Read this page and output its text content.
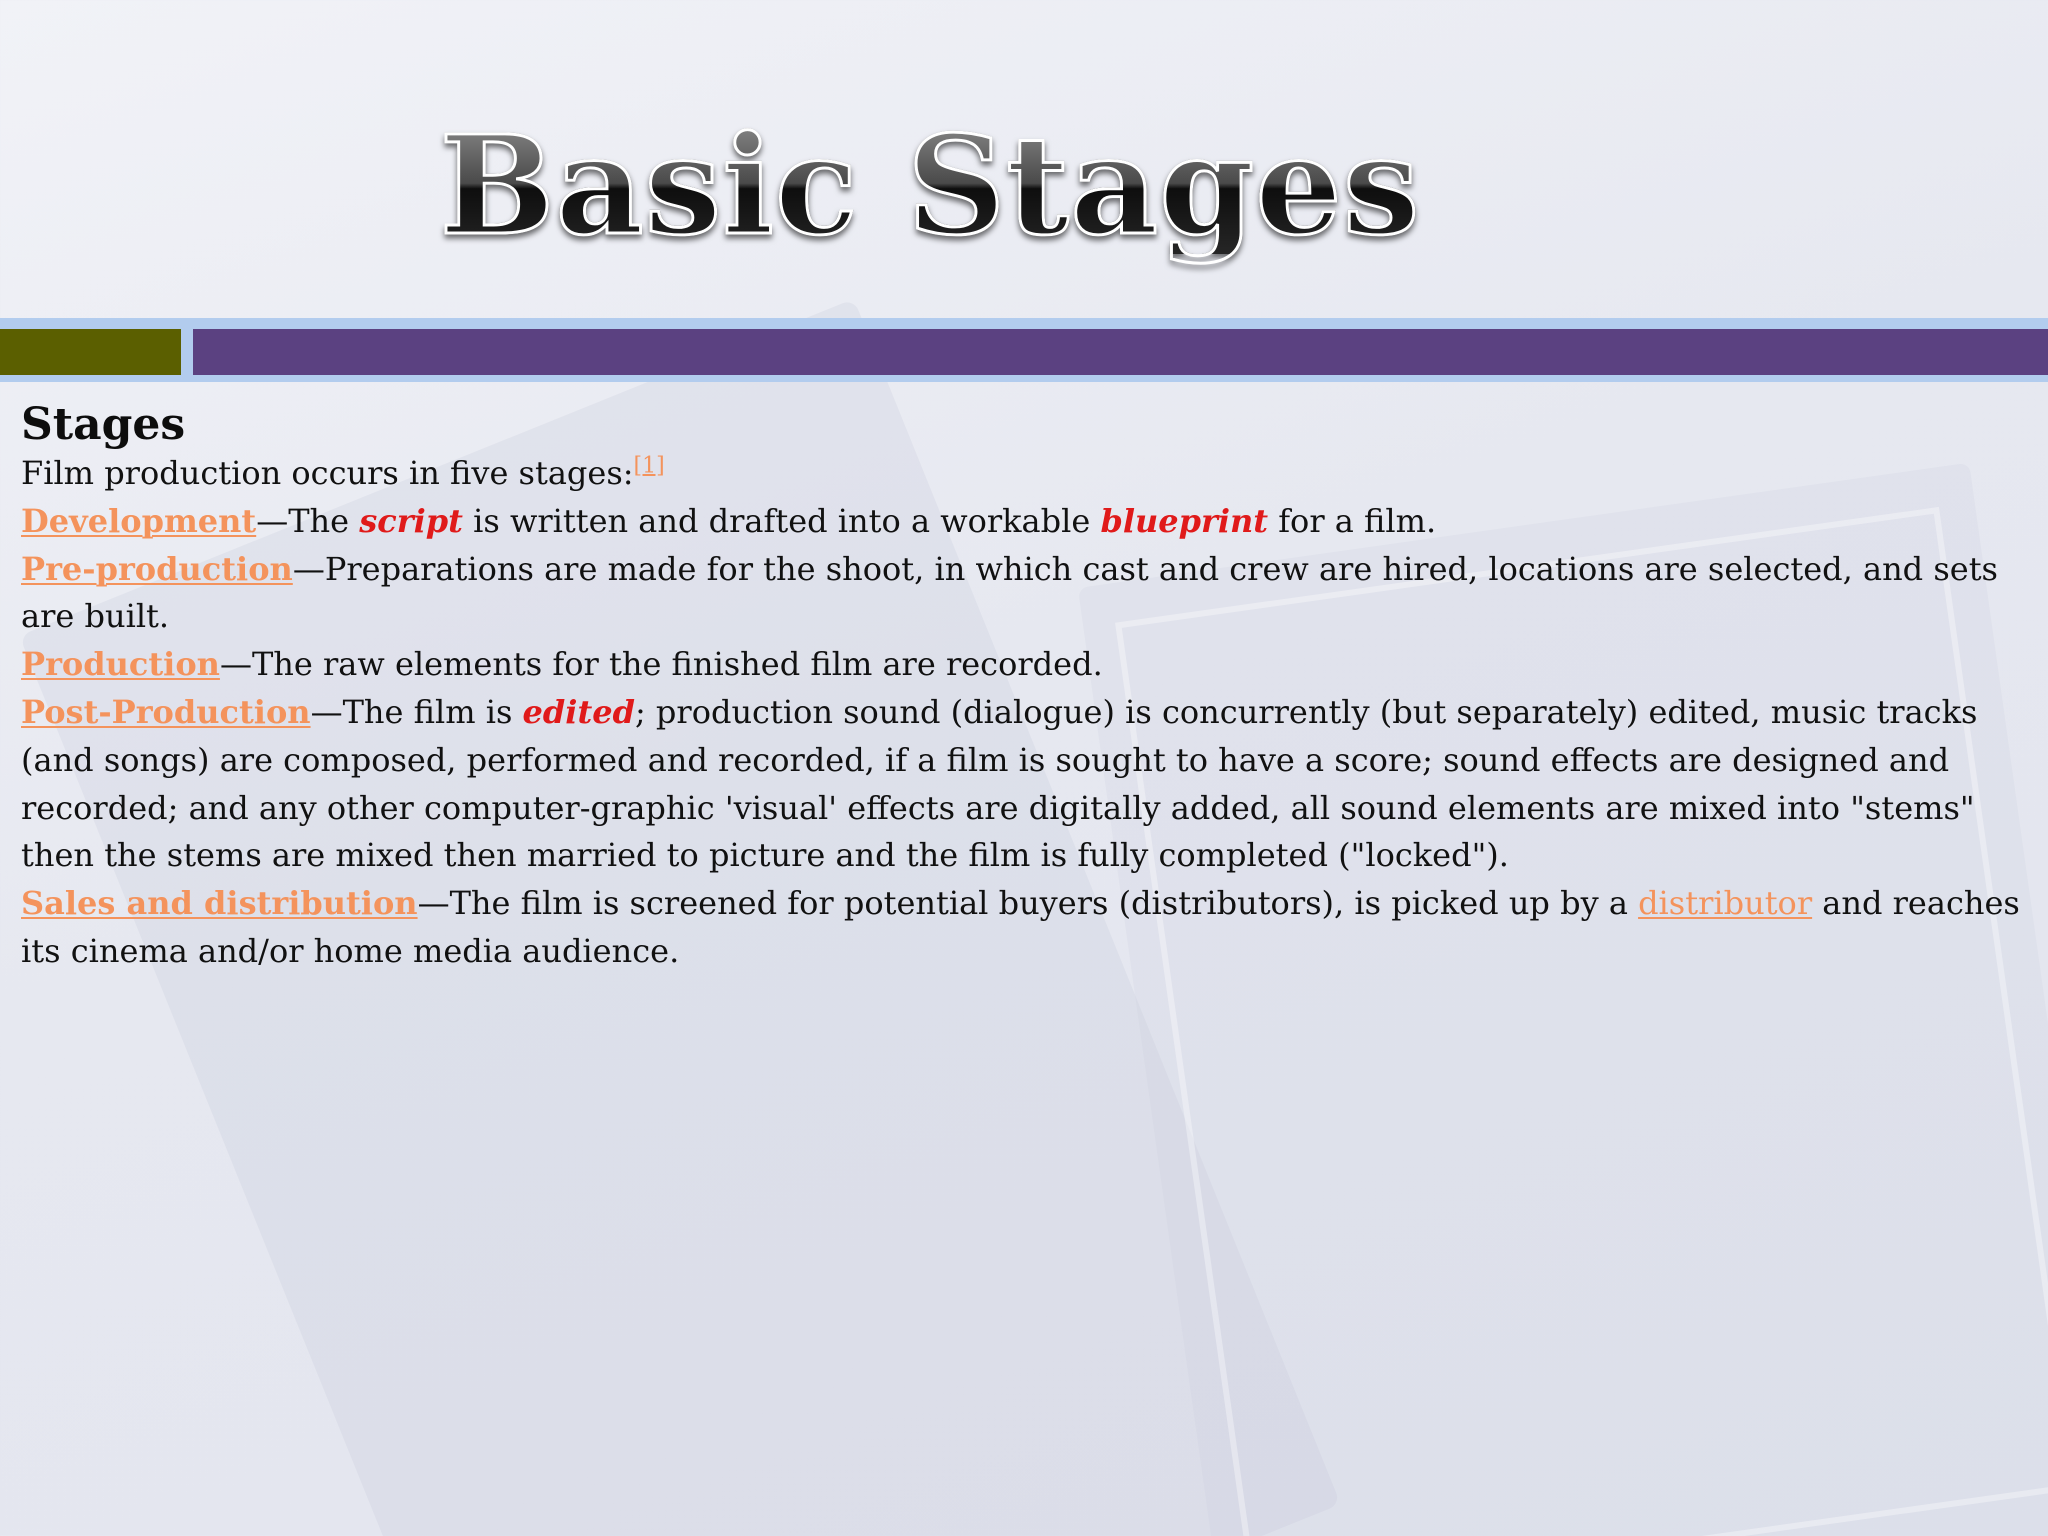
Basic Stages
Stages

Film production occurs in five stages:[1]

Development—The script is written and drafted into a workable blueprint for a film.

Pre-production—Preparations are made for the shoot, in which cast and crew are hired, locations are selected, and sets are built.

Production—The raw elements for the finished film are recorded.

Post-Production—The film is edited; production sound (dialogue) is concurrently (but separately) edited, music tracks (and songs) are composed, performed and recorded, if a film is sought to have a score; sound effects are designed and recorded; and any other computer-graphic 'visual' effects are digitally added, all sound elements are mixed into "stems" then the stems are mixed then married to picture and the film is fully completed ("locked").

Sales and distribution—The film is screened for potential buyers (distributors), is picked up by a distributor and reaches its cinema and/or home media audience.
